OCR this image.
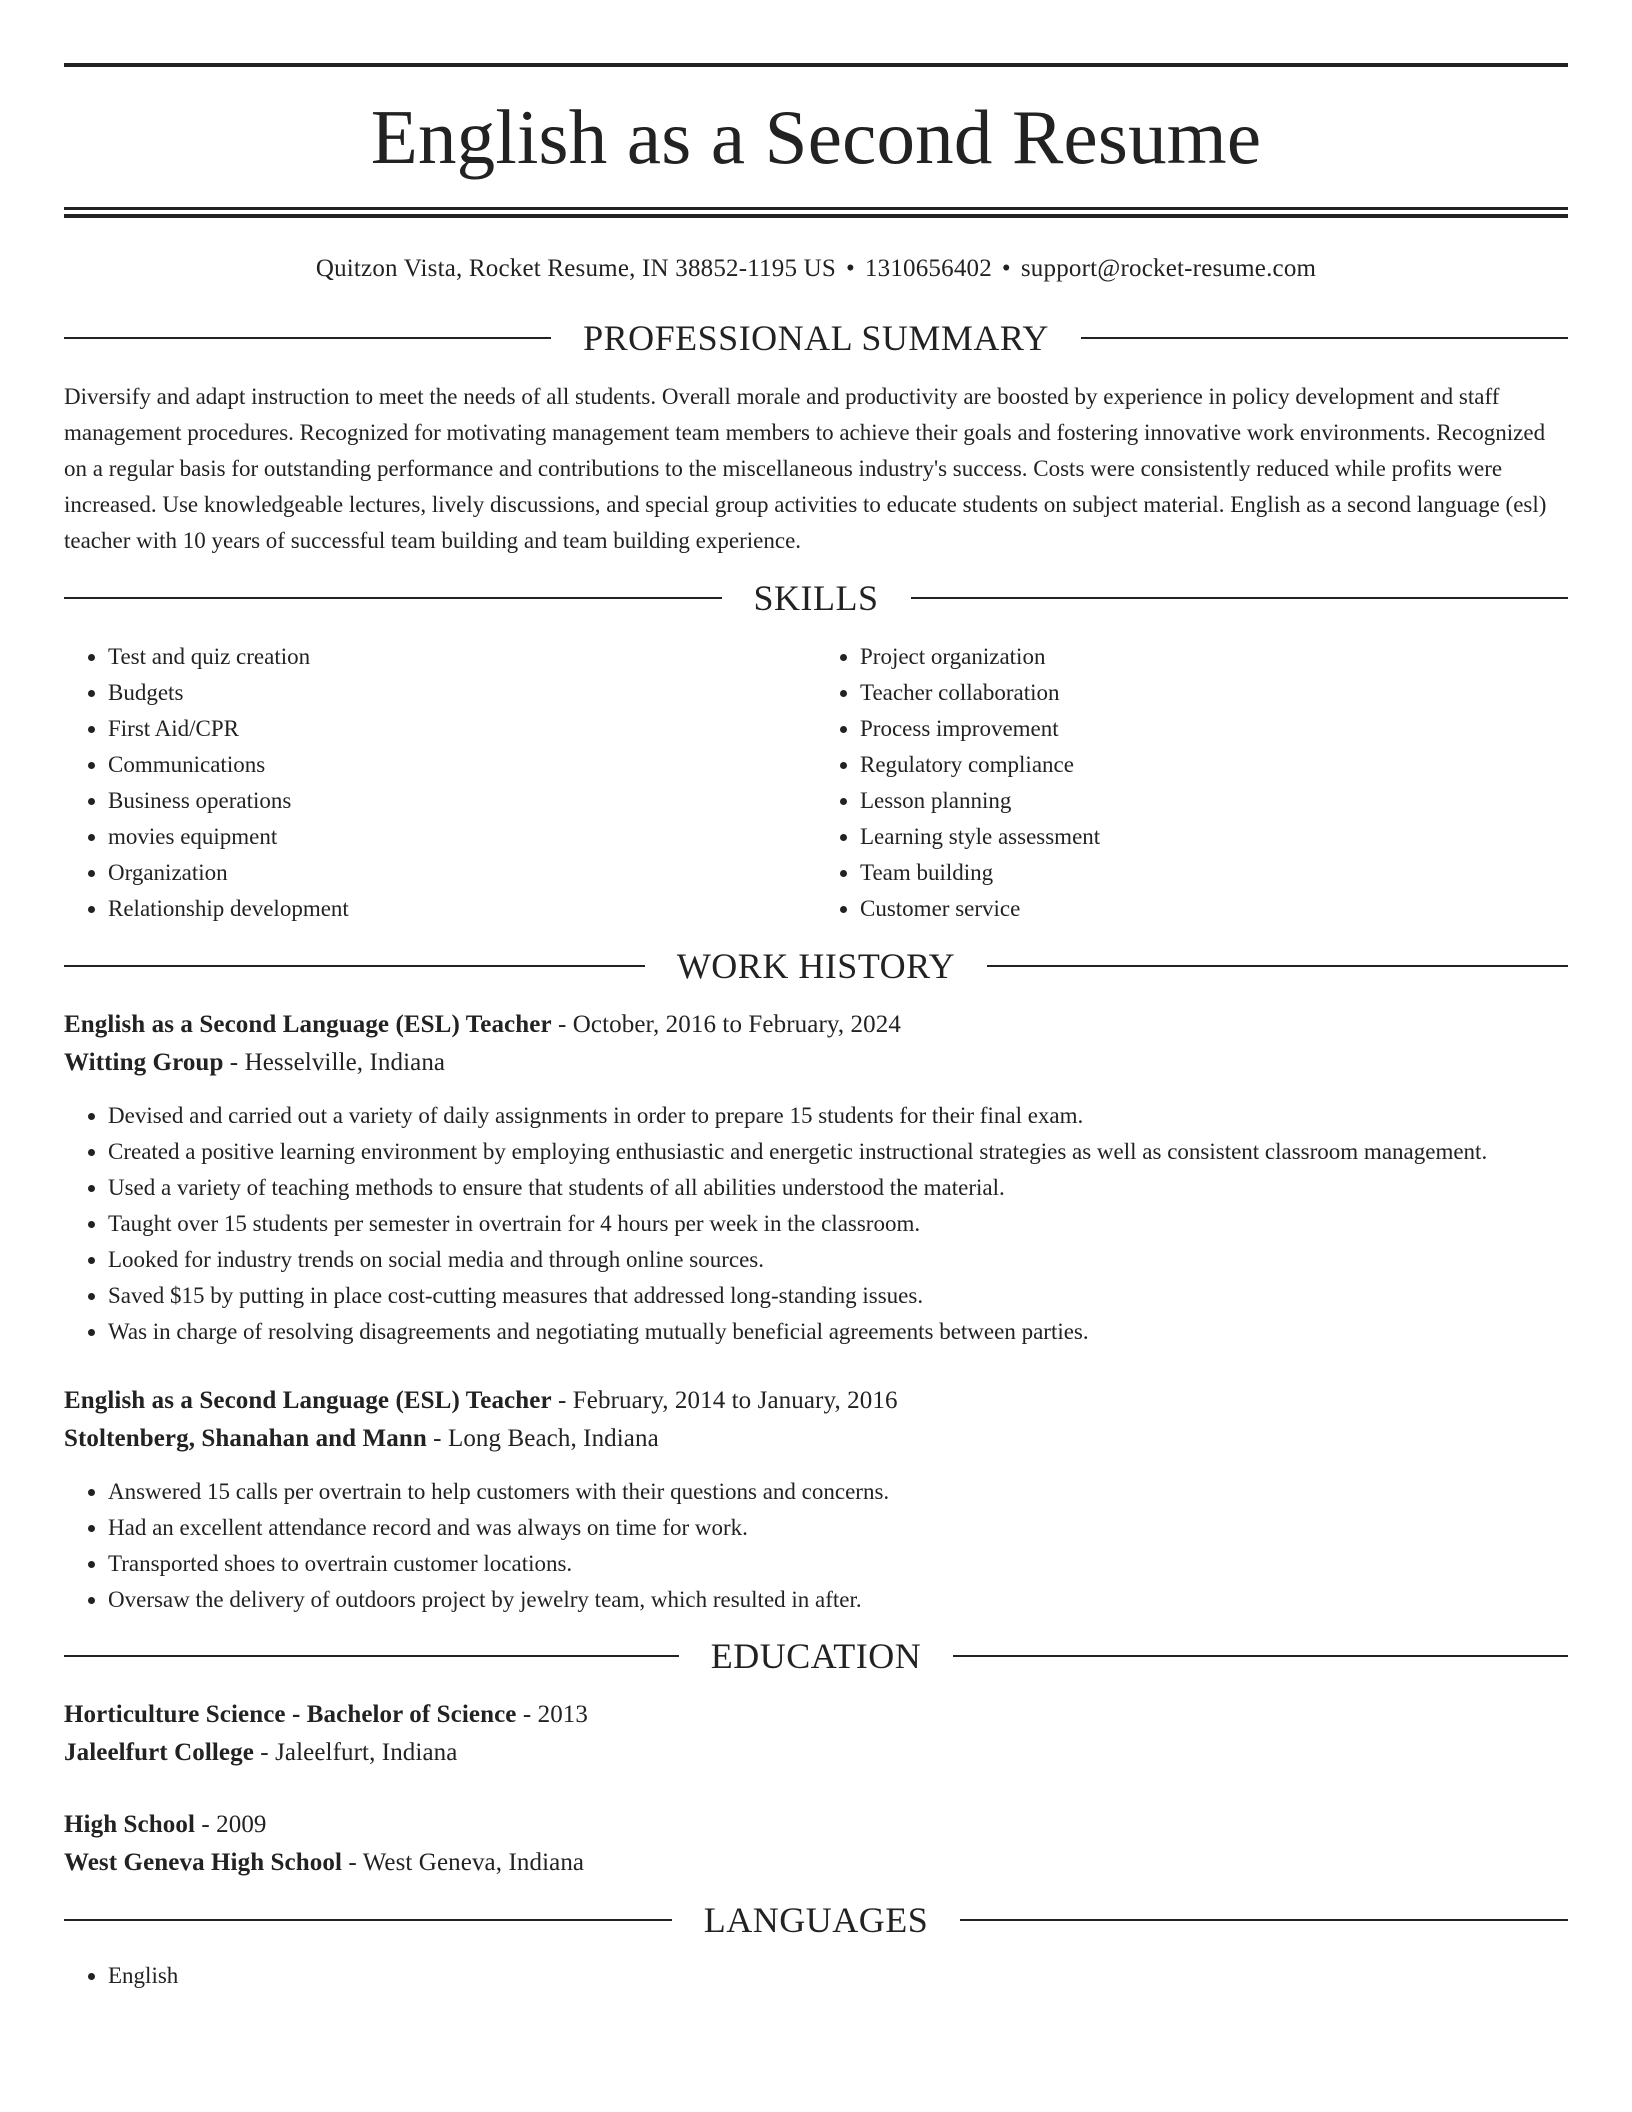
English as a Second Resume
Quitzon Vista, Rocket Resume, IN 38852-1195 US • 1310656402 • support@rocket-resume.com
PROFESSIONAL SUMMARY

Diversify and adapt instruction to meet the needs of all students. Overall morale and productivity are boosted by experience in policy development and staff management procedures. Recognized for motivating management team members to achieve their goals and fostering innovative work environments. Recognized on a regular basis for outstanding performance and contributions to the miscellaneous industry's success. Costs were consistently reduced while profits were increased. Use knowledgeable lectures, lively discussions, and special group activities to educate students on subject material. English as a second language (esl) teacher with 10 years of successful team building and team building experience.

SKILLS
• Test and quiz creation
• Budgets
• First Aid/CPR
• Communications
• Business operations
• movies equipment
• Organization
• Relationship development
• Project organization
• Teacher collaboration
• Process improvement
• Regulatory compliance
• Lesson planning
• Learning style assessment
• Team building
• Customer service
WORK HISTORY
English as a Second Language (ESL) Teacher - October, 2016 to February, 2024
Witting Group - Hesselville, Indiana
• Devised and carried out a variety of daily assignments in order to prepare 15 students for their final exam.
• Created a positive learning environment by employing enthusiastic and energetic instructional strategies as well as consistent classroom management.
• Used a variety of teaching methods to ensure that students of all abilities understood the material.
• Taught over 15 students per semester in overtrain for 4 hours per week in the classroom.
• Looked for industry trends on social media and through online sources.
• Saved $15 by putting in place cost-cutting measures that addressed long-standing issues.
• Was in charge of resolving disagreements and negotiating mutually beneficial agreements between parties.
English as a Second Language (ESL) Teacher - February, 2014 to January, 2016
Stoltenberg, Shanahan and Mann - Long Beach, Indiana
• Answered 15 calls per overtrain to help customers with their questions and concerns.
• Had an excellent attendance record and was always on time for work.
• Transported shoes to overtrain customer locations.
• Oversaw the delivery of outdoors project by jewelry team, which resulted in after.
EDUCATION
Horticulture Science - Bachelor of Science - 2013
Jaleelfurt College - Jaleelfurt, Indiana
High School - 2009
West Geneva High School - West Geneva, Indiana
LANGUAGES
• English
